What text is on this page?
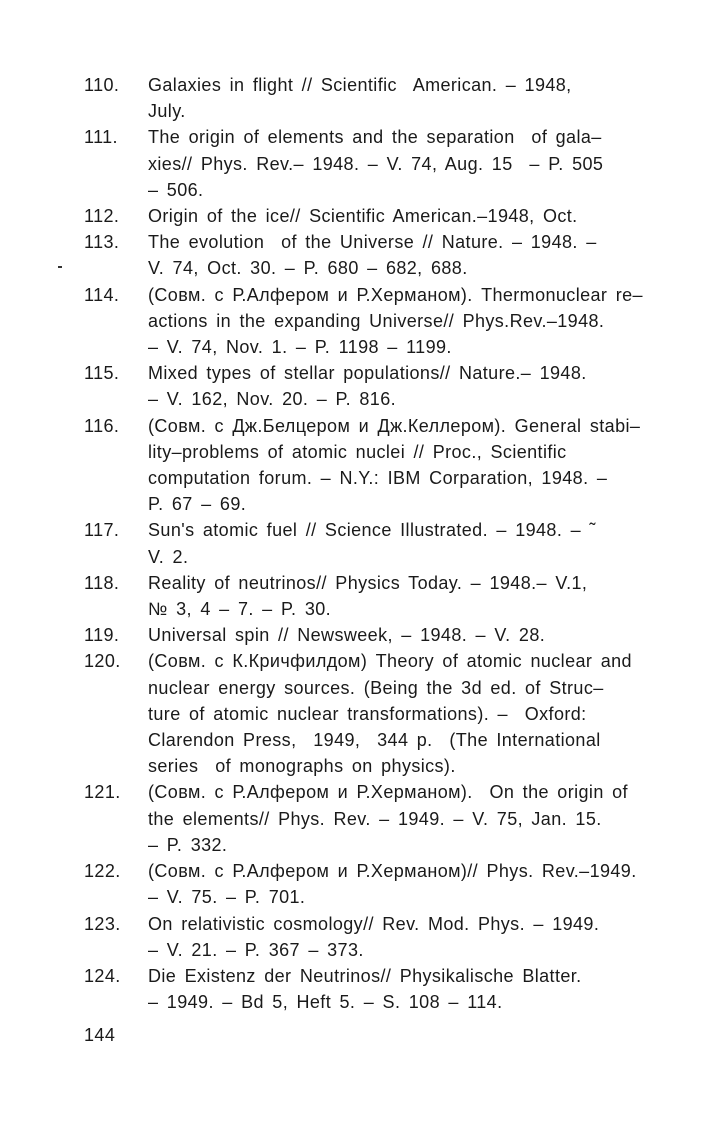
110.	Galaxies in flight // Scientific  American. – 1948,
July.
111.	The origin of elements and the separation  of gala–
xies// Phys. Rev.– 1948. – V. 74, Aug. 15  – P. 505
– 506.
112.	Origin of the ice// Scientific American.–1948, Oct.
113.	The evolution  of the Universe // Nature. – 1948. –
V. 74, Oct. 30. – P. 680 – 682, 688.
114.	(Совм. с Р.Алфером и Р.Херманом). Thermonuclear re–
actions in the expanding Universe// Phys.Rev.–1948.
– V. 74, Nov. 1. – P. 1198 – 1199.
115.	Mixed types of stellar populations// Nature.– 1948.
– V. 162, Nov. 20. – P. 816.
116.	(Совм. с Дж.Белцером и Дж.Келлером). General stabi–
lity–problems of atomic nuclei // Proc., Scientific
computation forum. – N.Y.: IBM Corparation, 1948. –
P. 67 – 69.
117.	Sun's atomic fuel // Science Illustrated. – 1948. – ˜
V. 2.
118.	Reality of neutrinos// Physics Today. – 1948.– V.1,
№ 3, 4 – 7. – P. 30.
119.	Universal spin // Newsweek, – 1948. – V. 28.
120.	(Совм. с К.Кричфилдом) Theory of atomic nuclear and
nuclear energy sources. (Being the 3d ed. of Struc–
ture of atomic nuclear transformations). –  Oxford:
Clarendon Press,  1949,  344 p.  (The International
series  of monographs on physics).
121.	(Совм. с Р.Алфером и Р.Херманом).  On the origin of
the elements// Phys. Rev. – 1949. – V. 75, Jan. 15.
– P. 332.
122.	(Совм. с Р.Алфером и Р.Херманом)// Phys. Rev.–1949.
– V. 75. – P. 701.
123.	On relativistic cosmology// Rev. Mod. Phys. – 1949.
– V. 21. – P. 367 – 373.
124.	Die Existenz der Neutrinos// Physikalische Blatter.
– 1949. – Bd 5, Heft 5. – S. 108 – 114.
144
